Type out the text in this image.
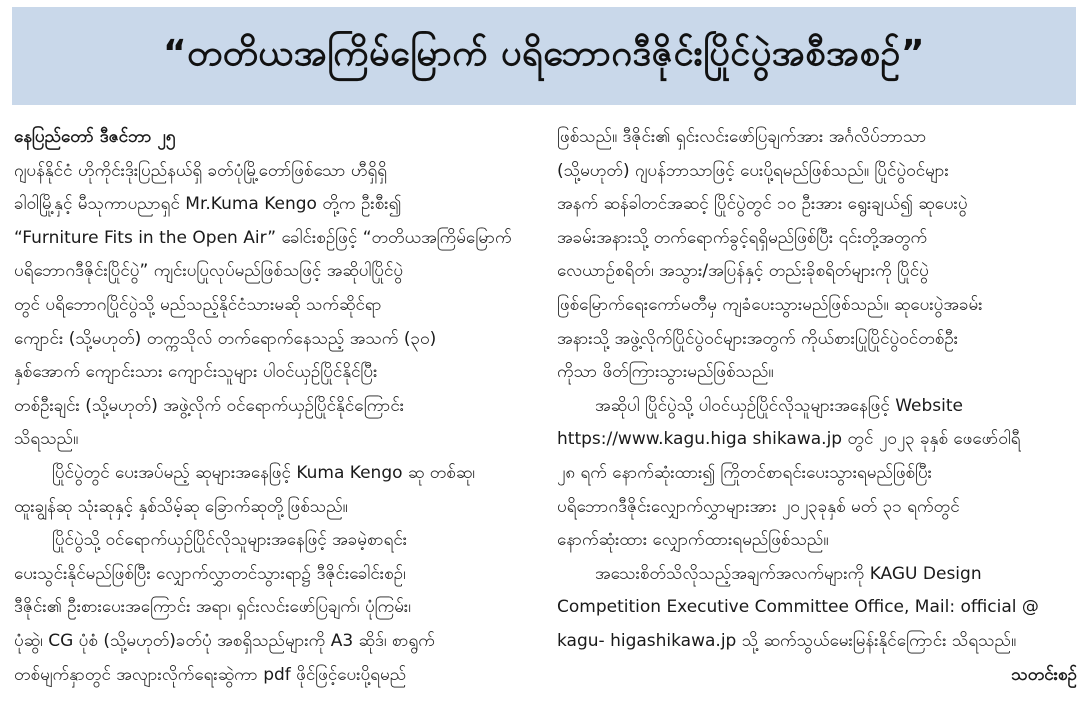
“တတိယအကြိမ်မြောက် ပရိဘောဂဒီဇိုင်းပြိုင်ပွဲအစီအစဉ်”
နေပြည်တော် ဒီဇင်ဘာ ၂၅
ဂျပန်နိုင်ငံ ဟိုကိုင်းဒိုးပြည်နယ်ရှိ ခတ်ပုံမြို့တော်ဖြစ်သော ဟီရှိရှိ
ခါဝါမြို့နှင့် မီသုကာပညာရှင် Mr.Kuma Kengo တို့က ဦးစီး၍
“Furniture Fits in the Open Air” ခေါင်းစဉ်ဖြင့် “တတိယအကြိမ်မြောက်
ပရိဘောဂဒီဇိုင်းပြိုင်ပွဲ” ကျင်းပပြုလုပ်မည်ဖြစ်သဖြင့် အဆိုပါပြိုင်ပွဲ
တွင် ပရိဘောဂပြိုင်ပွဲသို့ မည်သည့်နိုင်ငံသားမဆို သက်ဆိုင်ရာ
ကျောင်း (သို့မဟုတ်) တက္ကသိုလ် တက်ရောက်နေသည့် အသက် (၃၀)
နှစ်အောက် ကျောင်းသား ကျောင်းသူများ ပါဝင်ယှဉ်ပြိုင်နိုင်ပြီး
တစ်ဦးချင်း (သို့မဟုတ်) အဖွဲ့လိုက် ဝင်ရောက်ယှဉ်ပြိုင်နိုင်ကြောင်း
သိရသည်။
ပြိုင်ပွဲတွင် ပေးအပ်မည့် ဆုများအနေဖြင့် Kuma Kengo ဆု တစ်ဆု၊
ထူးချွန်ဆု သုံးဆုနှင့် နှစ်သိမ့်ဆု ခြောက်ဆုတို့ဖြစ်သည်။
ပြိုင်ပွဲသို့ ဝင်ရောက်ယှဉ်ပြိုင်လိုသူများအနေဖြင့် အခမဲ့စာရင်း
ပေးသွင်းနိုင်မည်ဖြစ်ပြီး လျှောက်လွှာတင်သွားရာ၌ ဒီဇိုင်းခေါင်းစဉ်၊
ဒီဇိုင်း၏ ဦးစားပေးအကြောင်း အရာ၊ ရှင်းလင်းဖော်ပြချက်၊ ပုံကြမ်း၊
ပုံဆွဲ၊ CG ပုံစံ (သို့မဟုတ်)ခတ်ပုံ အစရှိသည်များကို A3 ဆိုဒ်၊ စာရွက်
တစ်မျက်နှာတွင် အလျားလိုက်ရေးဆွဲကာ pdf ဖိုင်ဖြင့်ပေးပို့ရမည်
ဖြစ်သည်။ ဒီဇိုင်း၏ ရှင်းလင်းဖော်ပြချက်အား အင်္ဂလိပ်ဘာသာ
(သို့မဟုတ်) ဂျပန်ဘာသာဖြင့် ပေးပို့ရမည်ဖြစ်သည်။ ပြိုင်ပွဲဝင်များ
အနက် ဆန်ခါတင်အဆင့် ပြိုင်ပွဲတွင် ၁၀ ဦးအား ရွေးချယ်၍ ဆုပေးပွဲ
အခမ်းအနားသို့ တက်ရောက်ခွင့်ရရှိမည်ဖြစ်ပြီး ၎င်းတို့အတွက်
လေယာဉ်စရိတ်၊ အသွား/အပြန်နှင့် တည်းခိုစရိတ်များကို ပြိုင်ပွဲ
ဖြစ်မြောက်ရေးကော်မတီမှ ကျခံပေးသွားမည်ဖြစ်သည်။ ဆုပေးပွဲအခမ်း
အနားသို့ အဖွဲ့လိုက်ပြိုင်ပွဲဝင်များအတွက် ကိုယ်စားပြုပြိုင်ပွဲဝင်တစ်ဦး
ကိုသာ ဖိတ်ကြားသွားမည်ဖြစ်သည်။
အဆိုပါ ပြိုင်ပွဲသို့ ပါဝင်ယှဉ်ပြိုင်လိုသူများအနေဖြင့် Website
https://www.kagu.higa shikawa.jp တွင် ၂၀၂၃ ခုနှစ် ဖေဖော်ဝါရီ
၂၈ ရက် နောက်ဆုံးထား၍ ကြိုတင်စာရင်းပေးသွားရမည်ဖြစ်ပြီး
ပရိဘောဂဒီဇိုင်းလျှောက်လွှာများအား ၂၀၂၃ခုနှစ် မတ် ၃၁ ရက်တွင်
နောက်ဆုံးထား လျှောက်ထားရမည်ဖြစ်သည်။
အသေးစိတ်သိလိုသည့်အချက်အလက်များကို KAGU Design
Competition Executive Committee Office, Mail: official @
kagu- higashikawa.jp သို့ ဆက်သွယ်မေးမြန်းနိုင်ကြောင်း သိရသည်။
သတင်းစဉ်
